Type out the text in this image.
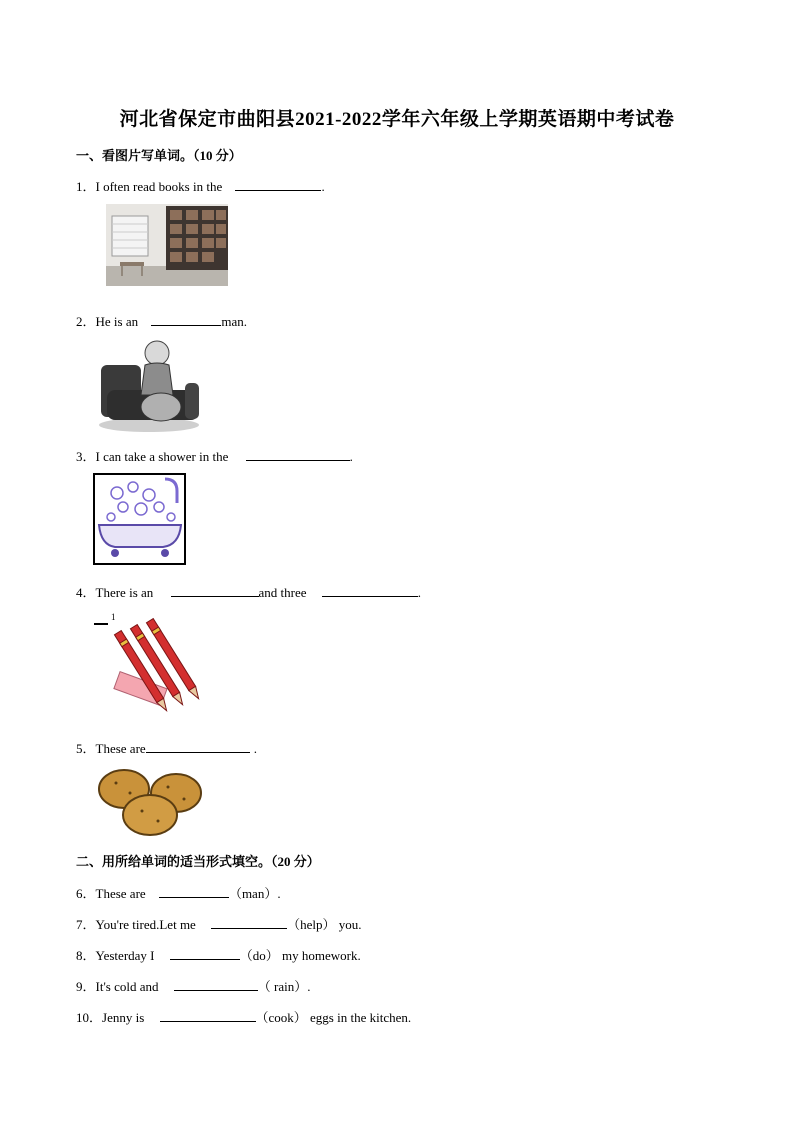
河北省保定市曲阳县2021-2022学年六年级上学期英语期中考试卷
一、看图片写单词。（10 分）
1．I often read books in the	.
2．He is an	man.
3．I can take a shower in the	.
4．There is an	and three	.
1
5．These are	.
二、用所给单词的适当形式填空。（20 分）
6．These are	（man）.
7．You're tired.Let me	（help） you.
8．Yesterday I	（do） my homework.
9．It's cold and	（ rain）.
10．Jenny is	（cook） eggs in the kitchen.
